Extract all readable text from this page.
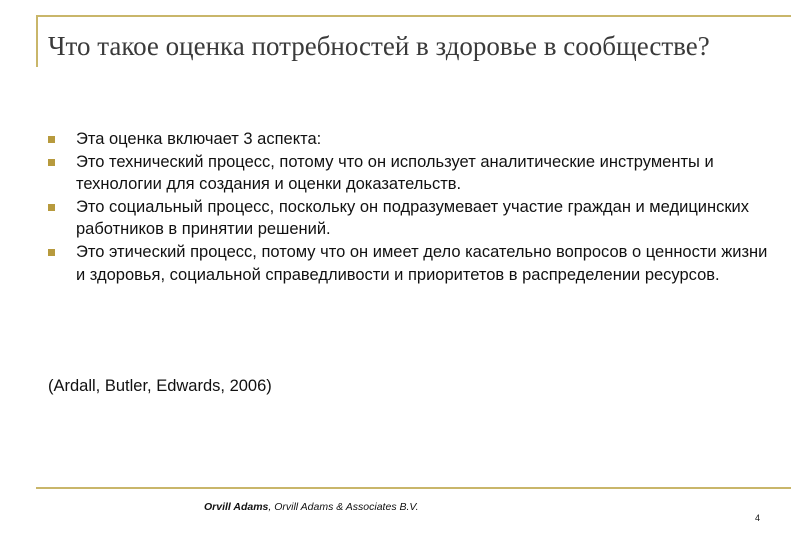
Что такое оценка потребностей в здоровье в сообществе?
Эта оценка включает 3 аспекта:
Это технический процесс, потому что он использует аналитические инструменты и технологии для создания и оценки доказательств.
Это социальный процесс, поскольку он подразумевает участие граждан и медицинских работников в принятии решений.
Это этический процесс, потому что он имеет дело касательно вопросов о ценности жизни и здоровья, социальной справедливости и приоритетов в распределении ресурсов.

(Ardall, Butler, Edwards, 2006)

Orvill Adams, Orvill Adams & Associates B.V.

4
